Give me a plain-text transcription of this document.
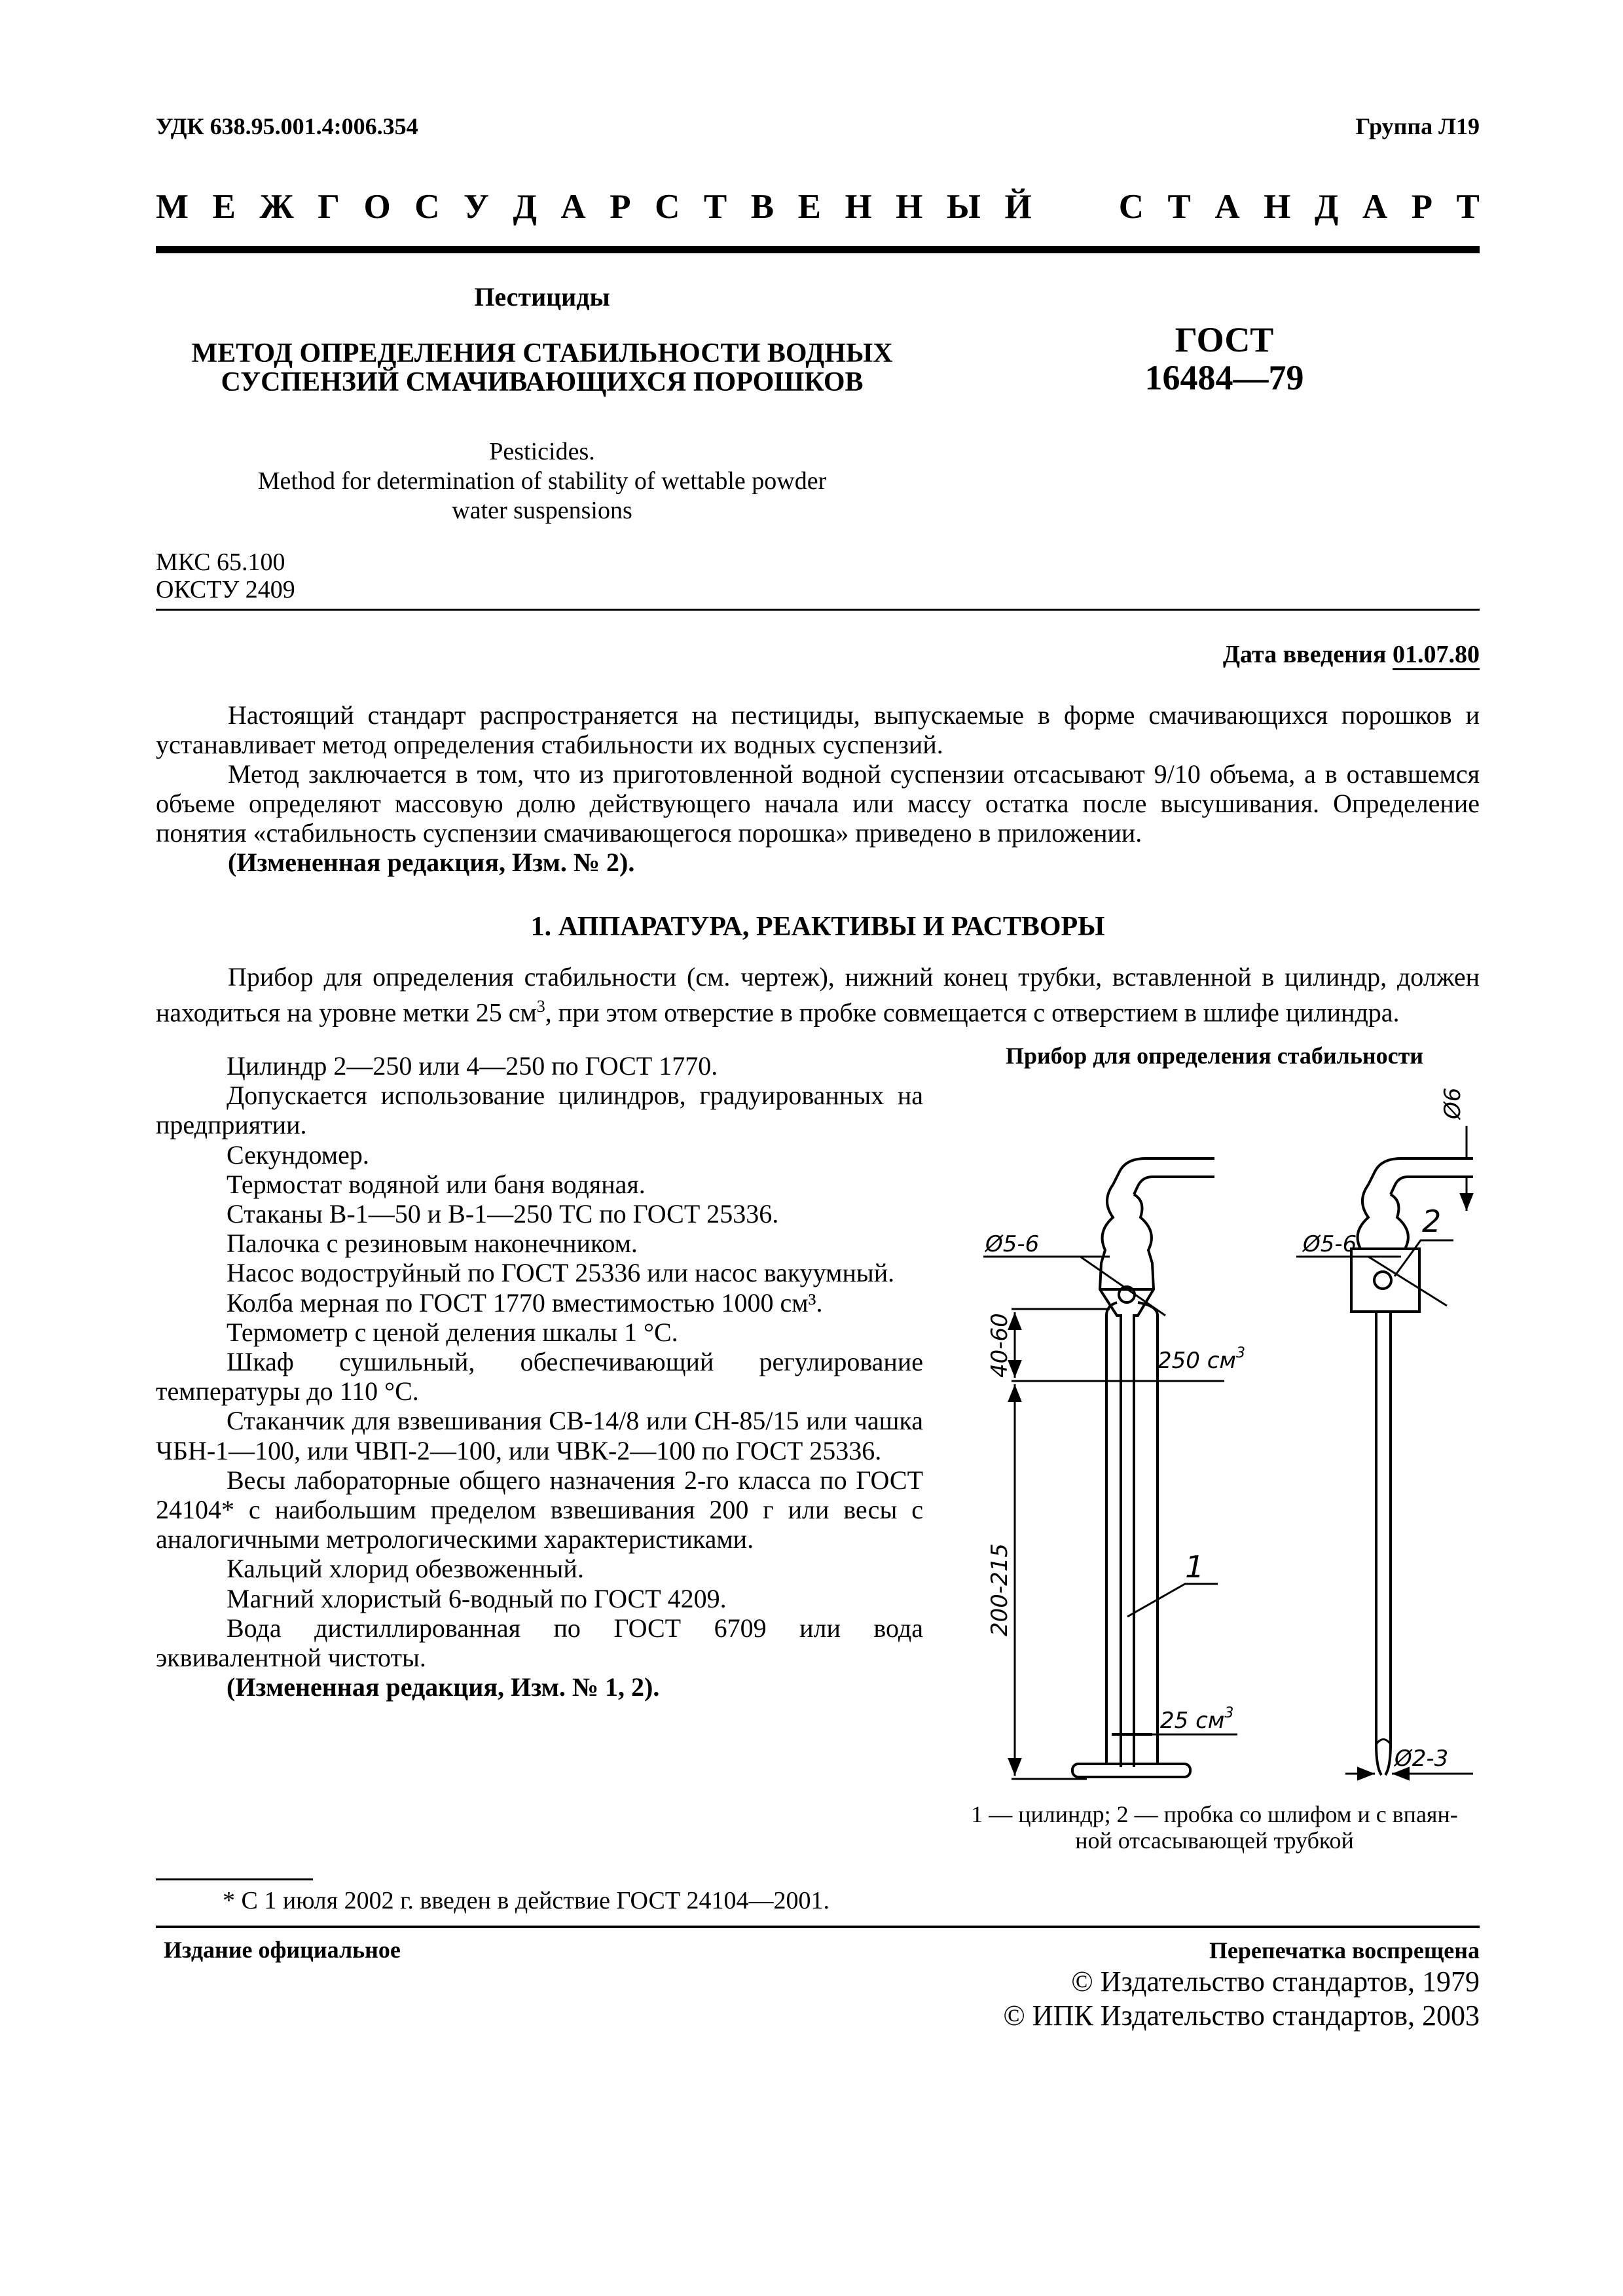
УДК 638.95.001.4:006.354	Группа Л19
М Е Ж Г О С У Д А Р С Т В Е Н Н Ы Й	С Т А Н Д А Р Т
Пестициды
МЕТОД ОПРЕДЕЛЕНИЯ СТАБИЛЬНОСТИ ВОДНЫХ
СУСПЕНЗИЙ СМАЧИВАЮЩИХСЯ ПОРОШКОВ
Pesticides.
Method for determination of stability of wettable powder
water suspensions
ГОСТ
16484—79
МКС 65.100
ОКСТУ 2409
Дата введения 01.07.80

Настоящий стандарт распространяется на пестициды, выпускаемые в форме смачивающихся порошков и устанавливает метод определения стабильности их водных суспензий.

Метод заключается в том, что из приготовленной водной суспензии отсасывают 9/10 объема, а в оставшемся объеме определяют массовую долю действующего начала или массу остатка после высушивания. Определение понятия «стабильность суспензии смачивающегося порошка» приведено в приложении.

(Измененная редакция, Изм. № 2).

1. АППАРАТУРА, РЕАКТИВЫ И РАСТВОРЫ

Прибор для определения стабильности (см. чертеж), нижний конец трубки, вставленной в цилиндр, должен находиться на уровне метки 25 $см^3$, при этом отверстие в пробке совмещается с отверстием в шлифе цилиндра.

Цилиндр 2—250 или 4—250 по ГОСТ 1770.

Допускается использование цилиндров, градуированных на предприятии.

Секундомер.

Термостат водяной или баня водяная.

Стаканы В-1—50 и В-1—250 ТС по ГОСТ 25336.

Палочка с резиновым наконечником.

Насос водоструйный по ГОСТ 25336 или насос вакуумный.

Колба мерная по ГОСТ 1770 вместимостью 1000 см³.

Термометр с ценой деления шкалы 1 °С.

Шкаф сушильный, обеспечивающий регулирование температуры до 110 °С.

Стаканчик для взвешивания СВ-14/8 или СН-85/15 или чашка ЧБН-1—100, или ЧВП-2—100, или ЧВК-2—100 по ГОСТ 25336.

Весы лабораторные общего назначения 2-го класса по ГОСТ 24104* с наибольшим пределом взвешивания 200 г или весы с аналогичными метрологическими характеристиками.

Кальций хлорид обезвоженный.

Магний хлористый 6-водный по ГОСТ 4209.

Вода дистиллированная по ГОСТ 6709 или вода эквивалентной чистоты.

(Измененная редакция, Изм. № 1, 2).

Прибор для определения стабильности
Ø5-6	Ø5-6
2
Ø6
40-60
200-215
250 $см^3$
1
25 $см^3$
Ø2-3
1 — цилиндр; 2 — пробка со шлифом и с впаян-
ной отсасывающей трубкой
* С 1 июля 2002 г. введен в действие ГОСТ 24104—2001.
Издание официальное	Перепечатка воспрещена
© Издательство стандартов, 1979
© ИПК Издательство стандартов, 2003
